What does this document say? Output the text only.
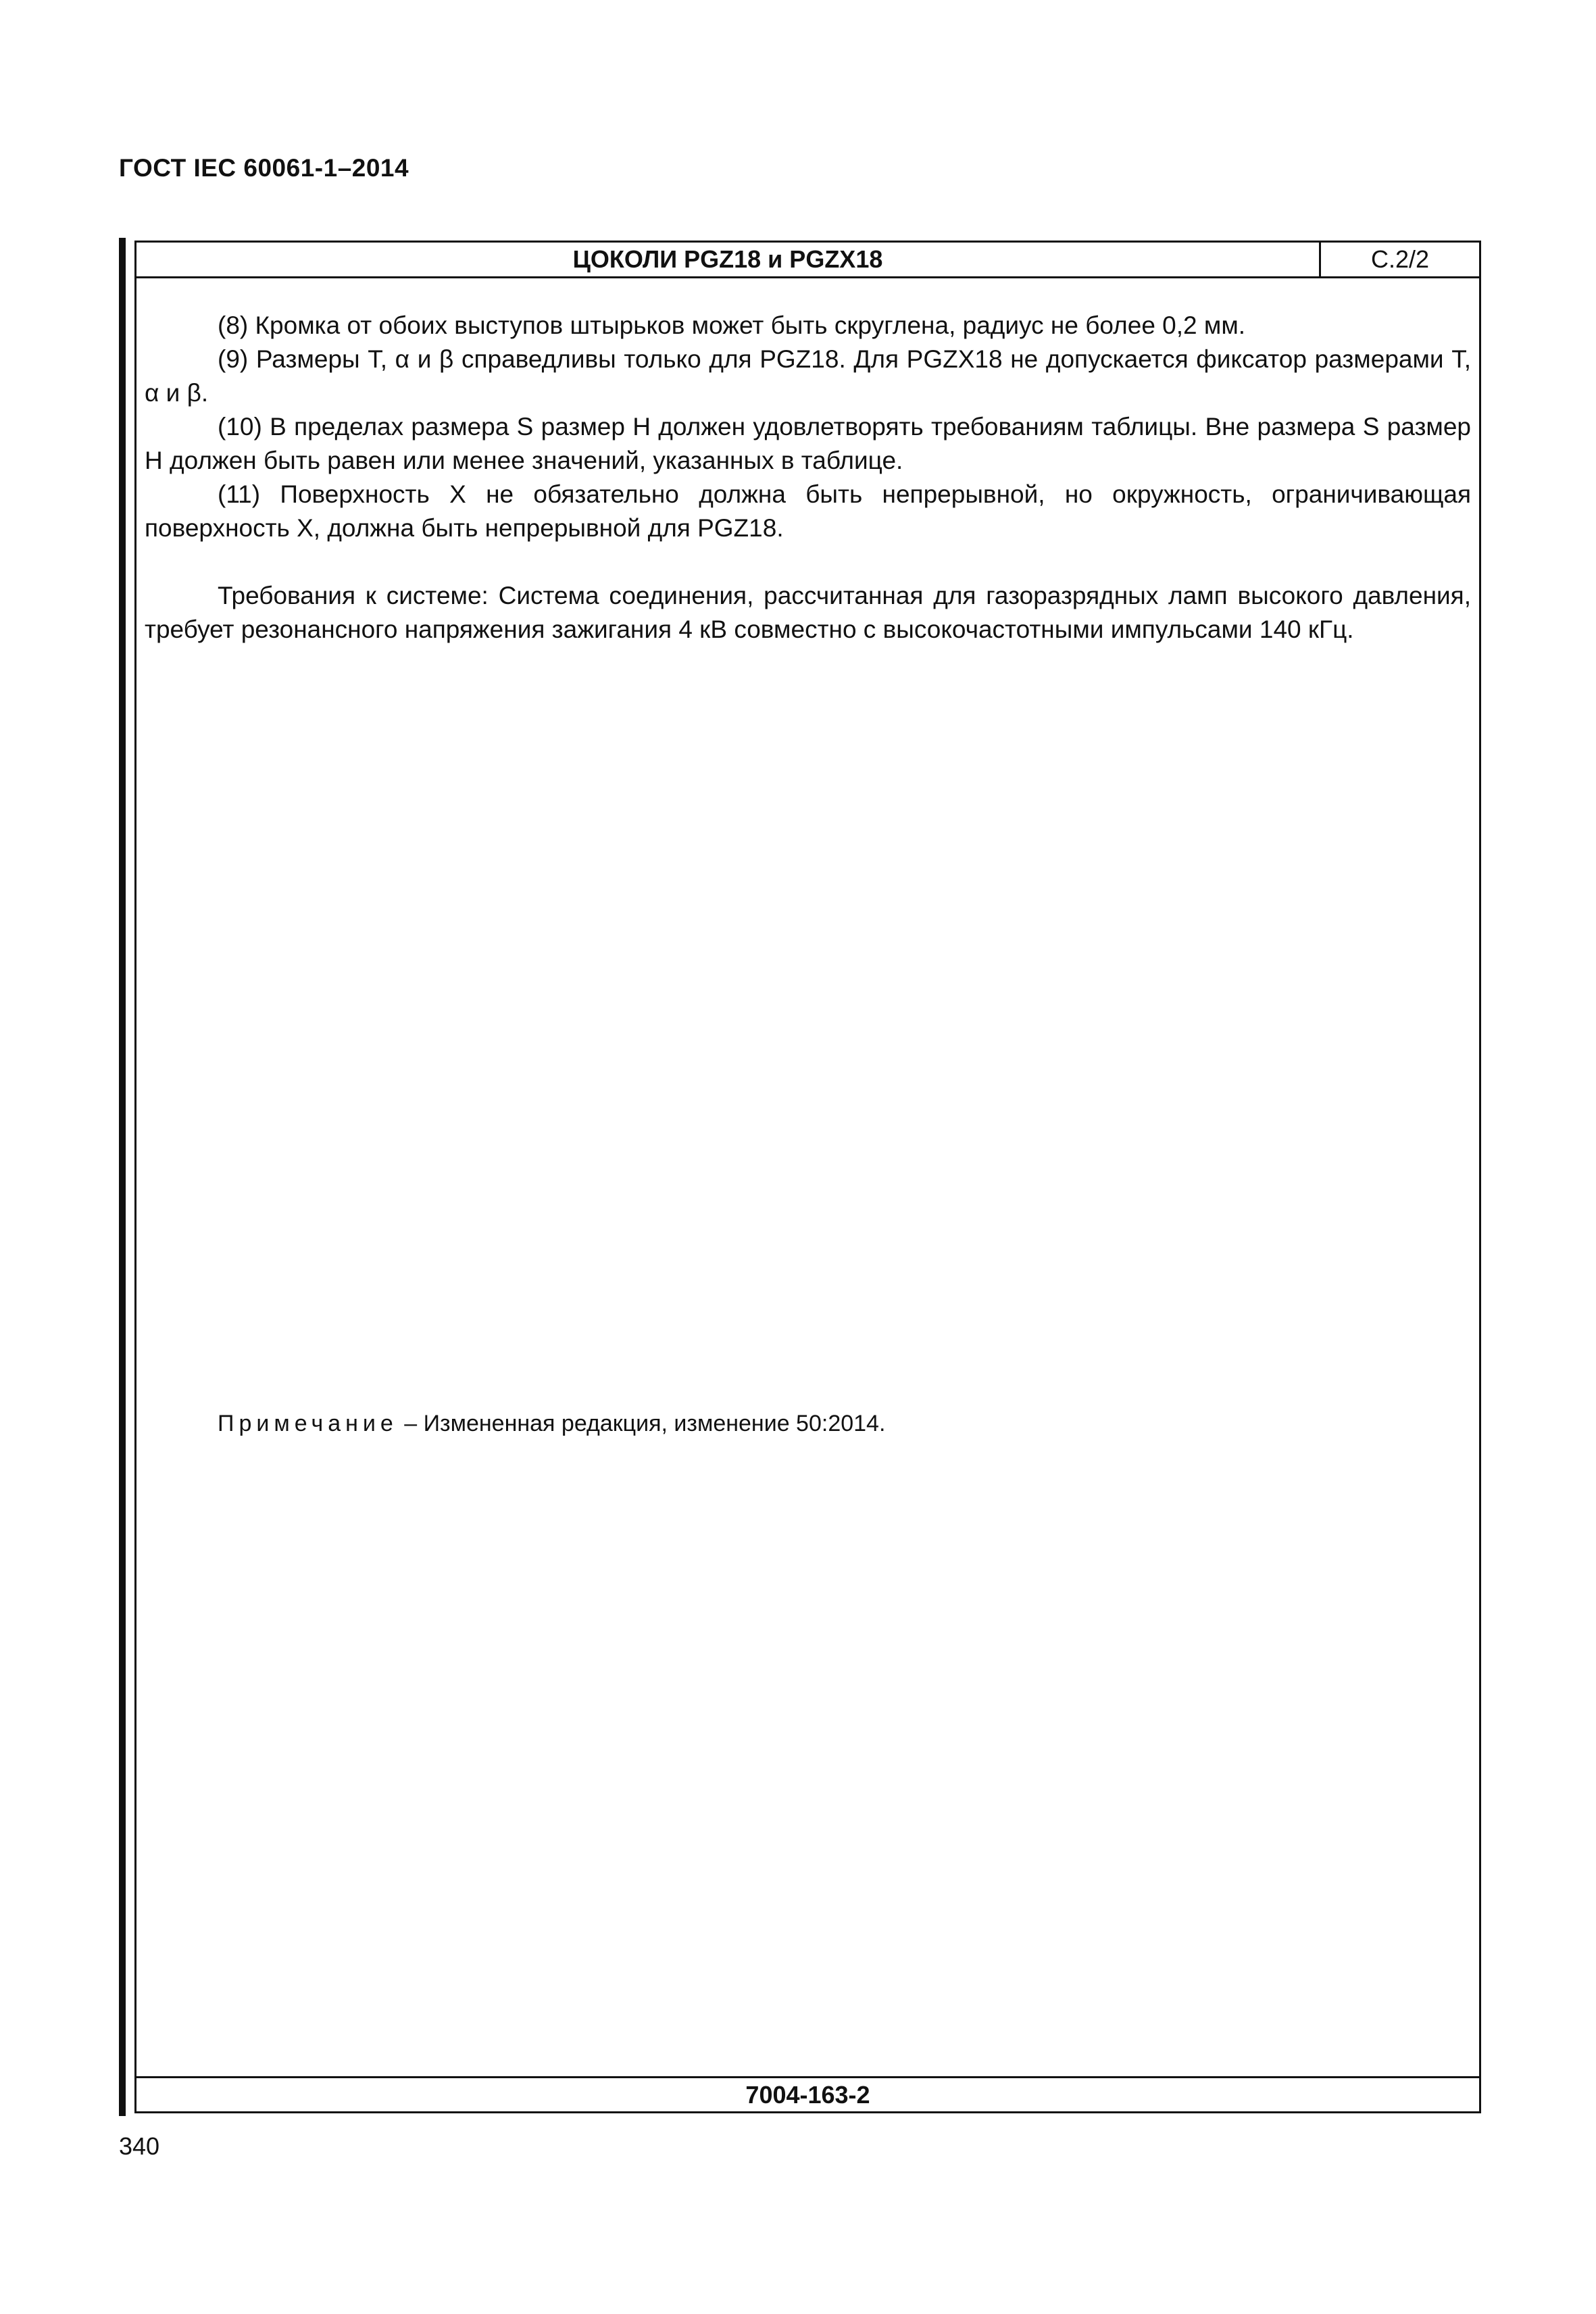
ГОСТ IEC 60061-1–2014
ЦОКОЛИ PGZ18 и PGZX18	С.2/2

(8) Кромка от обоих выступов штырьков может быть скруглена, радиус не более 0,2 мм.

(9) Размеры T, α и β справедливы только для PGZ18. Для PGZX18 не допускается фиксатор размерами T, α и β.

(10) В пределах размера S размер H должен удовлетворять требованиям таблицы. Вне размера S размер H должен быть равен или менее значений, указанных в таблице.

(11) Поверхность X не обязательно должна быть непрерывной, но окружность, ограничивающая поверхность X, должна быть непрерывной для PGZ18.

Требования к системе: Система соединения, рассчитанная для газоразрядных ламп высокого давления, требует резонансного напряжения зажигания 4 кВ совместно с высокочастотными импульсами 140 кГц.

Примечание – Измененная редакция, изменение 50:2014.
7004-163-2
340
